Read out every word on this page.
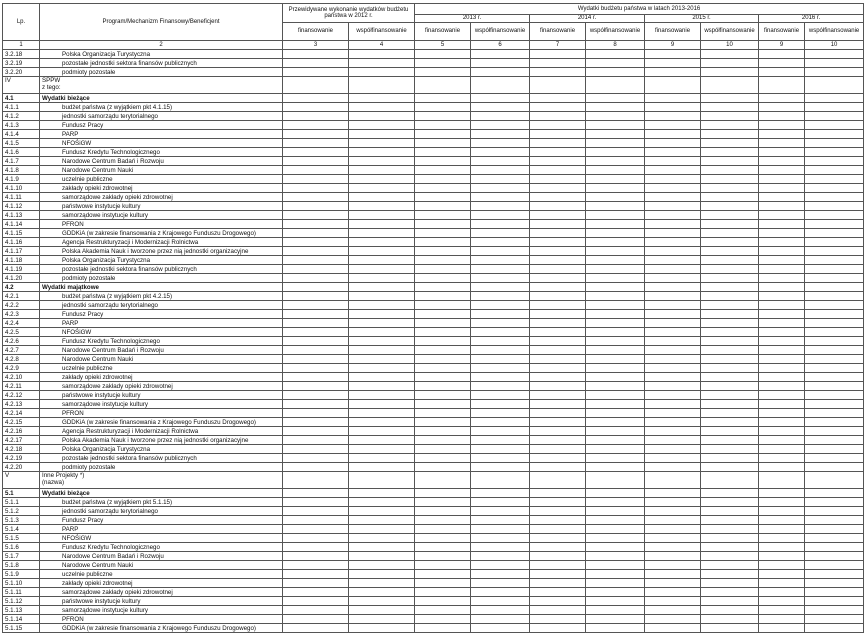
Lp.	Program/Mechanizm Finansowy/Beneficjent	Przewidywane wykonanie wydatków budżetu państwa w 2012 r.		Wydatki budżetu państwa w latach 2013-2016							
				2013 r.		2014 r.		2015 r.		2016 r.	
		finansowanie	współfinansowanie	finansowanie	współfinansowanie	finansowanie	współfinansowanie	finansowanie	współfinansowanie	finansowanie	współfinansowanie
1	2	3	4	5	6	7	8	9	10	9	10
3.2.18	Polska Organizacja Turystyczna										
3.2.19	pozostałe jednostki sektora finansów publicznych										
3.2.20	podmioty pozostałe										
IV	SPPW
z tego:										

4.1	Wydatki bieżące										
4.1.1	budżet państwa (z wyjątkiem pkt 4.1.15)										
4.1.2	jednostki samorządu terytorialnego										
4.1.3	Fundusz Pracy										
4.1.4	PARP										
4.1.5	NFOŚiGW										
4.1.6	Fundusz Kredytu Technologicznego										
4.1.7	Narodowe Centrum Badań i Rozwoju										
4.1.8	Narodowe Centrum Nauki										
4.1.9	uczelnie publiczne										
4.1.10	zakłady opieki zdrowotnej										
4.1.11	samorządowe zakłady opieki zdrowotnej										
4.1.12	państwowe instytucje kultury										
4.1.13	samorządowe instytucje kultury										
4.1.14	PFRON										
4.1.15	GDDKiA (w zakresie finansowania z Krajowego Funduszu Drogowego)										
4.1.16	Agencja Restrukturyzacji i Modernizacji Rolnictwa										
4.1.17	Polska Akademia Nauk i tworzone przez nią jednostki organizacyjne										
4.1.18	Polska Organizacja Turystyczna										
4.1.19	pozostałe jednostki sektora finansów publicznych										
4.1.20	podmioty pozostałe										
4.2	Wydatki majątkowe										
4.2.1	budżet państwa (z wyjątkiem pkt 4.2.15)										
4.2.2	jednostki samorządu terytorialnego										
4.2.3	Fundusz Pracy										
4.2.4	PARP										
4.2.5	NFOŚiGW										
4.2.6	Fundusz Kredytu Technologicznego										
4.2.7	Narodowe Centrum Badań i Rozwoju										
4.2.8	Narodowe Centrum Nauki										
4.2.9	uczelnie publiczne										
4.2.10	zakłady opieki zdrowotnej										
4.2.11	samorządowe zakłady opieki zdrowotnej										
4.2.12	państwowe instytucje kultury										
4.2.13	samorządowe instytucje kultury										
4.2.14	PFRON										
4.2.15	GDDKiA (w zakresie finansowania z Krajowego Funduszu Drogowego)										
4.2.16	Agencja Restrukturyzacji i Modernizacji Rolnictwa										
4.2.17	Polska Akademia Nauk i tworzone przez nią jednostki organizacyjne										
4.2.18	Polska Organizacja Turystyczna										
4.2.19	pozostałe jednostki sektora finansów publicznych										
4.2.20	podmioty pozostałe										
V	Inne Projekty *)
(nazwa)										

5.1	Wydatki bieżące										
5.1.1	budżet państwa (z wyjątkiem pkt 5.1.15)										
5.1.2	jednostki samorządu terytorialnego										
5.1.3	Fundusz Pracy										
5.1.4	PARP										
5.1.5	NFOŚiGW										
5.1.6	Fundusz Kredytu Technologicznego										
5.1.7	Narodowe Centrum Badań i Rozwoju										
5.1.8	Narodowe Centrum Nauki										
5.1.9	uczelnie publiczne										
5.1.10	zakłady opieki zdrowotnej										
5.1.11	samorządowe zakłady opieki zdrowotnej										
5.1.12	państwowe instytucje kultury										
5.1.13	samorządowe instytucje kultury										
5.1.14	PFRON										
5.1.15	GDDKiA (w zakresie finansowania z Krajowego Funduszu Drogowego)										
